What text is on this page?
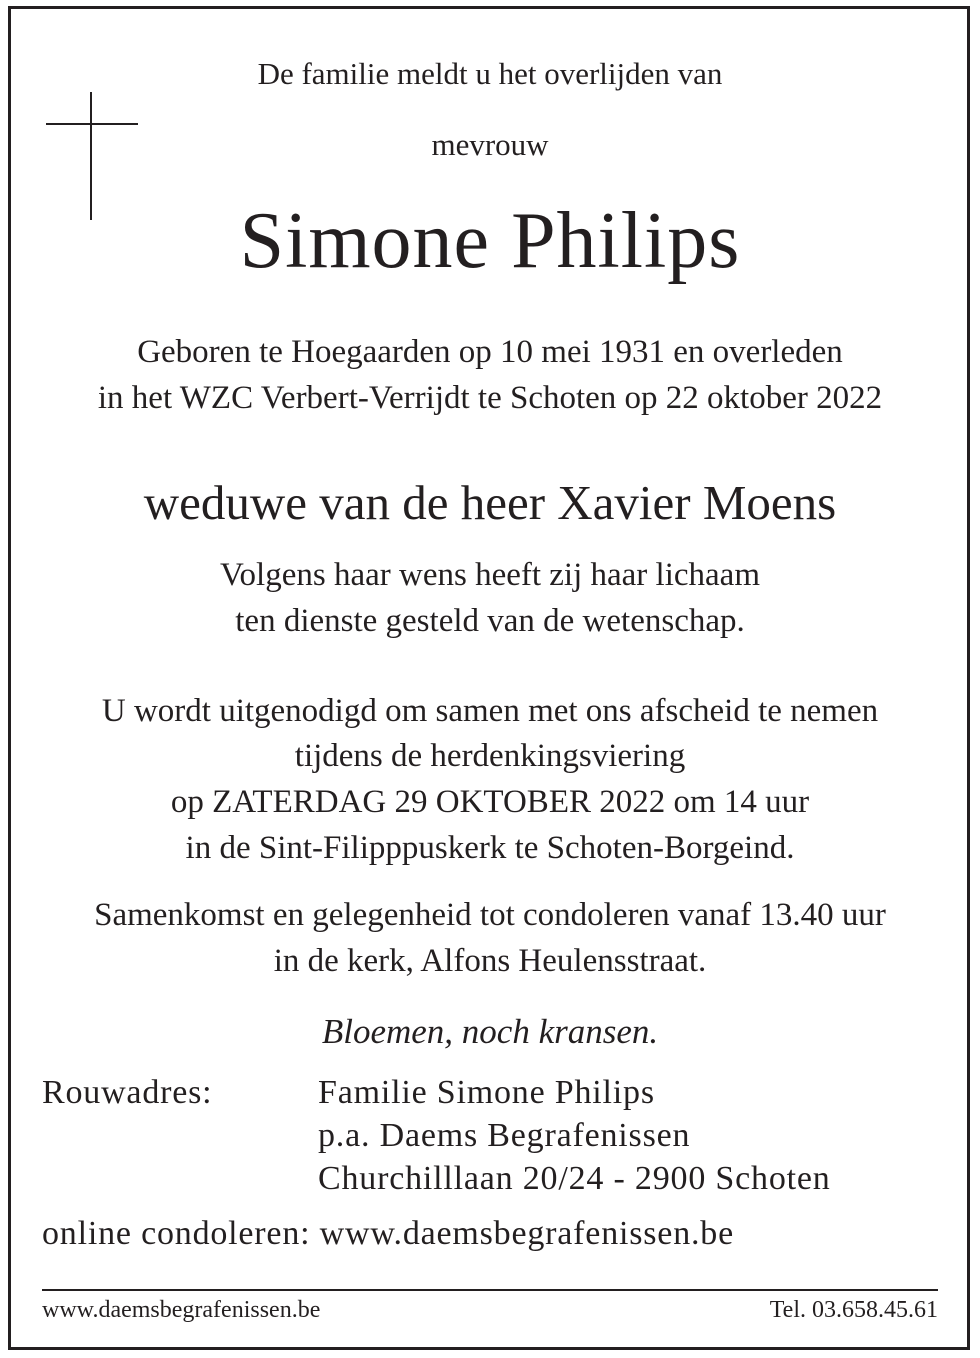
De familie meldt u het overlijden van
mevrouw
Simone Philips
Geboren te Hoegaarden op 10 mei 1931 en overleden
in het WZC Verbert-Verrijdt te Schoten op 22 oktober 2022
weduwe van de heer Xavier Moens
Volgens haar wens heeft zij haar lichaam
ten dienste gesteld van de wetenschap.
U wordt uitgenodigd om samen met ons afscheid te nemen
tijdens de herdenkingsviering
op ZATERDAG 29 OKTOBER 2022 om 14 uur
in de Sint-Filipppuskerk te Schoten-Borgeind.
Samenkomst en gelegenheid tot condoleren vanaf 13.40 uur
in de kerk, Alfons Heulensstraat.
Bloemen, noch kransen.
Rouwadres:	Familie Simone Philips
p.a. Daems Begrafenissen
Churchilllaan 20/24 - 2900 Schoten
online condoleren: www.daemsbegrafenissen.be
www.daemsbegrafenissen.be	Tel. 03.658.45.61
